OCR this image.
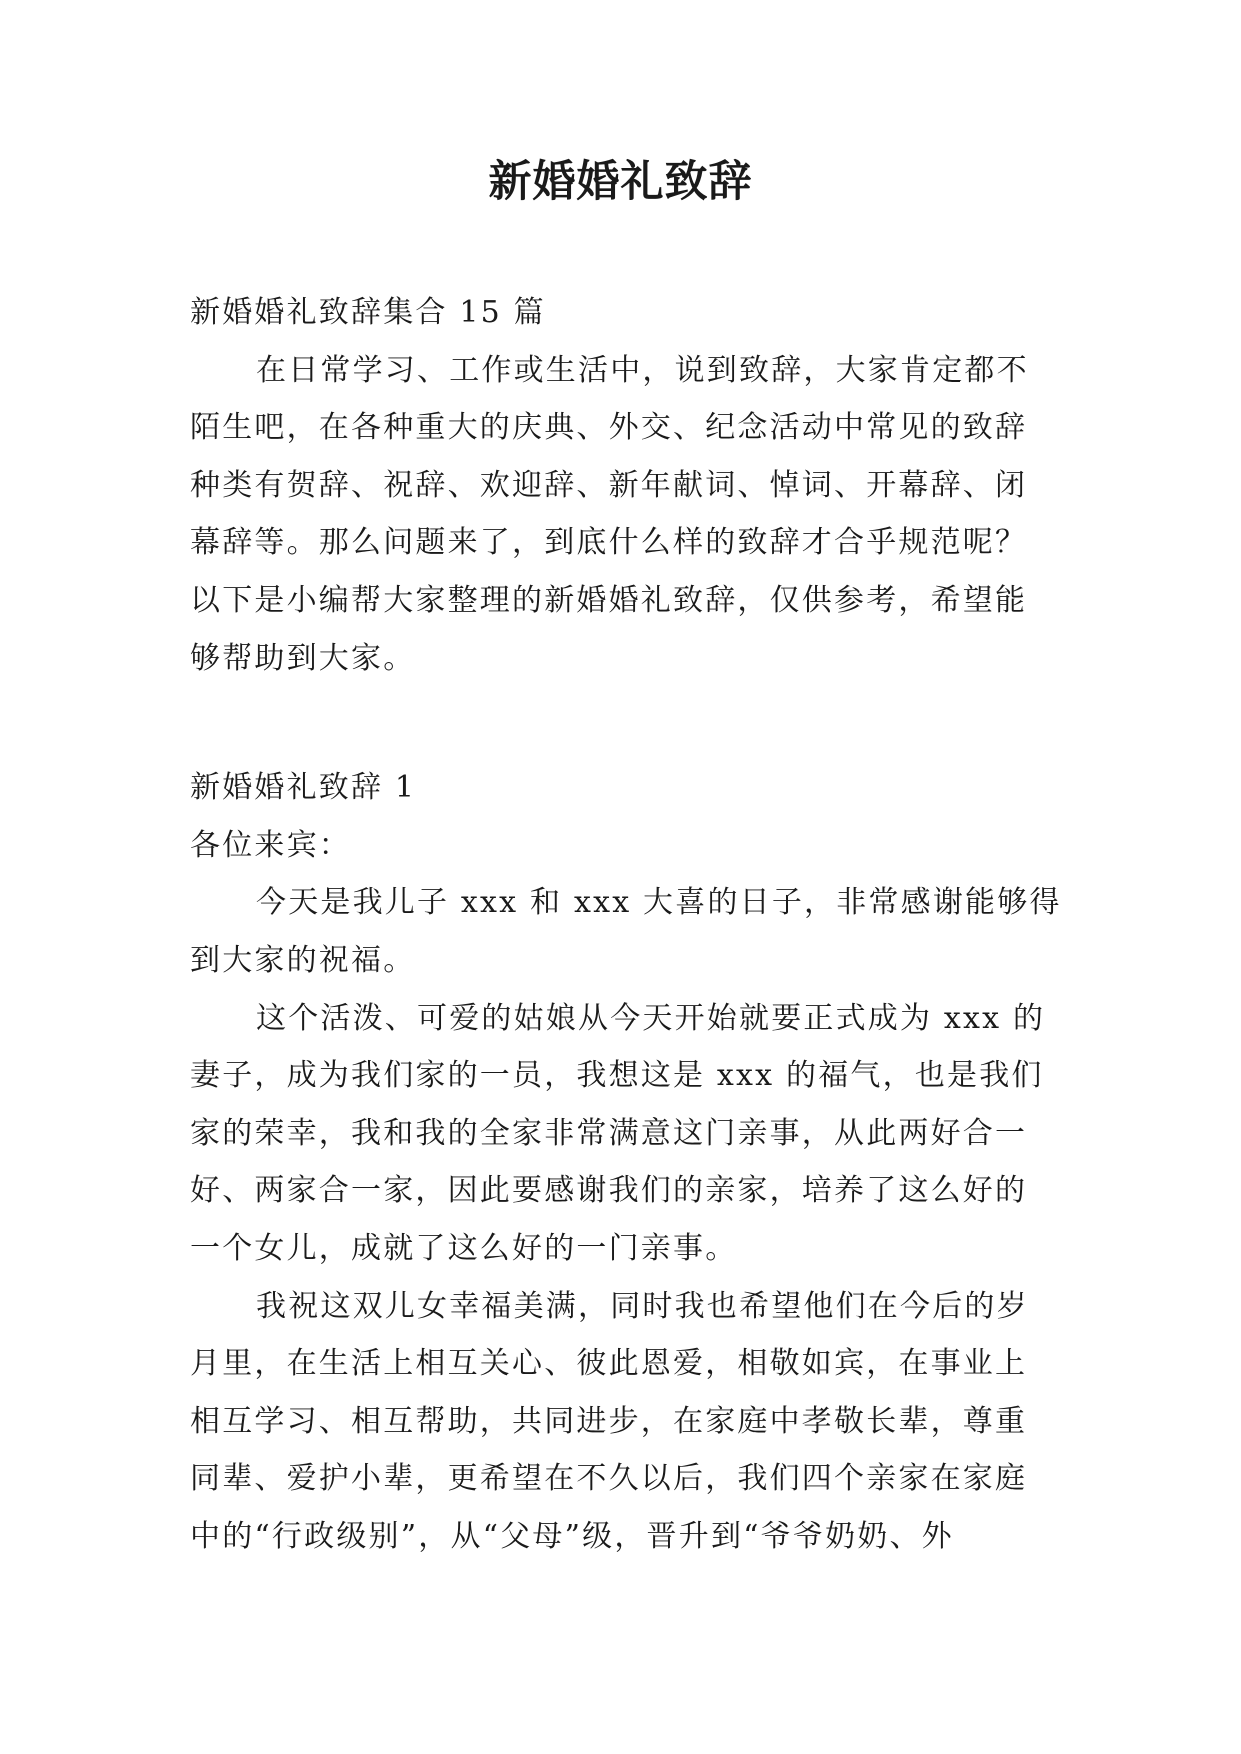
新婚婚礼致辞
新婚婚礼致辞集合 15 篇
在日常学习、工作或生活中，说到致辞，大家肯定都不
陌生吧，在各种重大的庆典、外交、纪念活动中常见的致辞
种类有贺辞、祝辞、欢迎辞、新年献词、悼词、开幕辞、闭
幕辞等。那么问题来了，到底什么样的致辞才合乎规范呢？
以下是小编帮大家整理的新婚婚礼致辞，仅供参考，希望能
够帮助到大家。
新婚婚礼致辞 1
各位来宾：
今天是我儿子 xxx 和 xxx 大喜的日子，非常感谢能够得
到大家的祝福。
这个活泼、可爱的姑娘从今天开始就要正式成为 xxx 的
妻子，成为我们家的一员，我想这是 xxx 的福气，也是我们
家的荣幸，我和我的全家非常满意这门亲事，从此两好合一
好、两家合一家，因此要感谢我们的亲家，培养了这么好的
一个女儿，成就了这么好的一门亲事。
我祝这双儿女幸福美满，同时我也希望他们在今后的岁
月里，在生活上相互关心、彼此恩爱，相敬如宾，在事业上
相互学习、相互帮助，共同进步，在家庭中孝敬长辈，尊重
同辈、爱护小辈，更希望在不久以后，我们四个亲家在家庭
中的“行政级别”，从“父母”级，晋升到“爷爷奶奶、外
